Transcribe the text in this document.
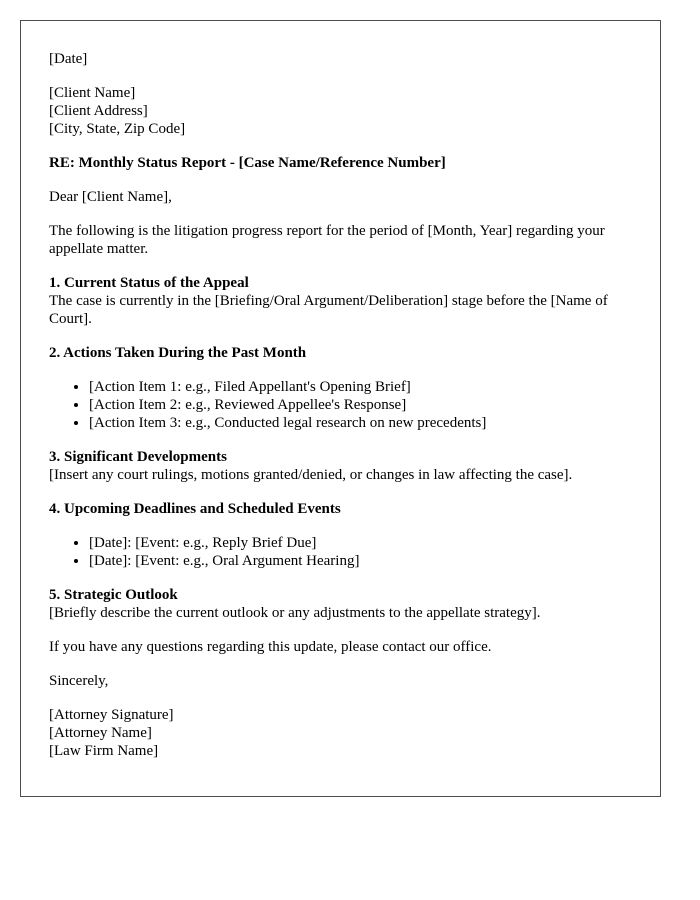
[Date]

[Client Name]
[Client Address]
[City, State, Zip Code]

RE: Monthly Status Report - [Case Name/Reference Number]

Dear [Client Name],

The following is the litigation progress report for the period of [Month, Year] regarding your appellate matter.

1. Current Status of the Appeal
The case is currently in the [Briefing/Oral Argument/Deliberation] stage before the [Name of Court].

2. Actions Taken During the Past Month

• [Action Item 1: e.g., Filed Appellant's Opening Brief]
• [Action Item 2: e.g., Reviewed Appellee's Response]
• [Action Item 3: e.g., Conducted legal research on new precedents]
3. Significant Developments
[Insert any court rulings, motions granted/denied, or changes in law affecting the case].

4. Upcoming Deadlines and Scheduled Events

• [Date]: [Event: e.g., Reply Brief Due]
• [Date]: [Event: e.g., Oral Argument Hearing]
5. Strategic Outlook
[Briefly describe the current outlook or any adjustments to the appellate strategy].

If you have any questions regarding this update, please contact our office.

Sincerely,

[Attorney Signature]
[Attorney Name]
[Law Firm Name]
